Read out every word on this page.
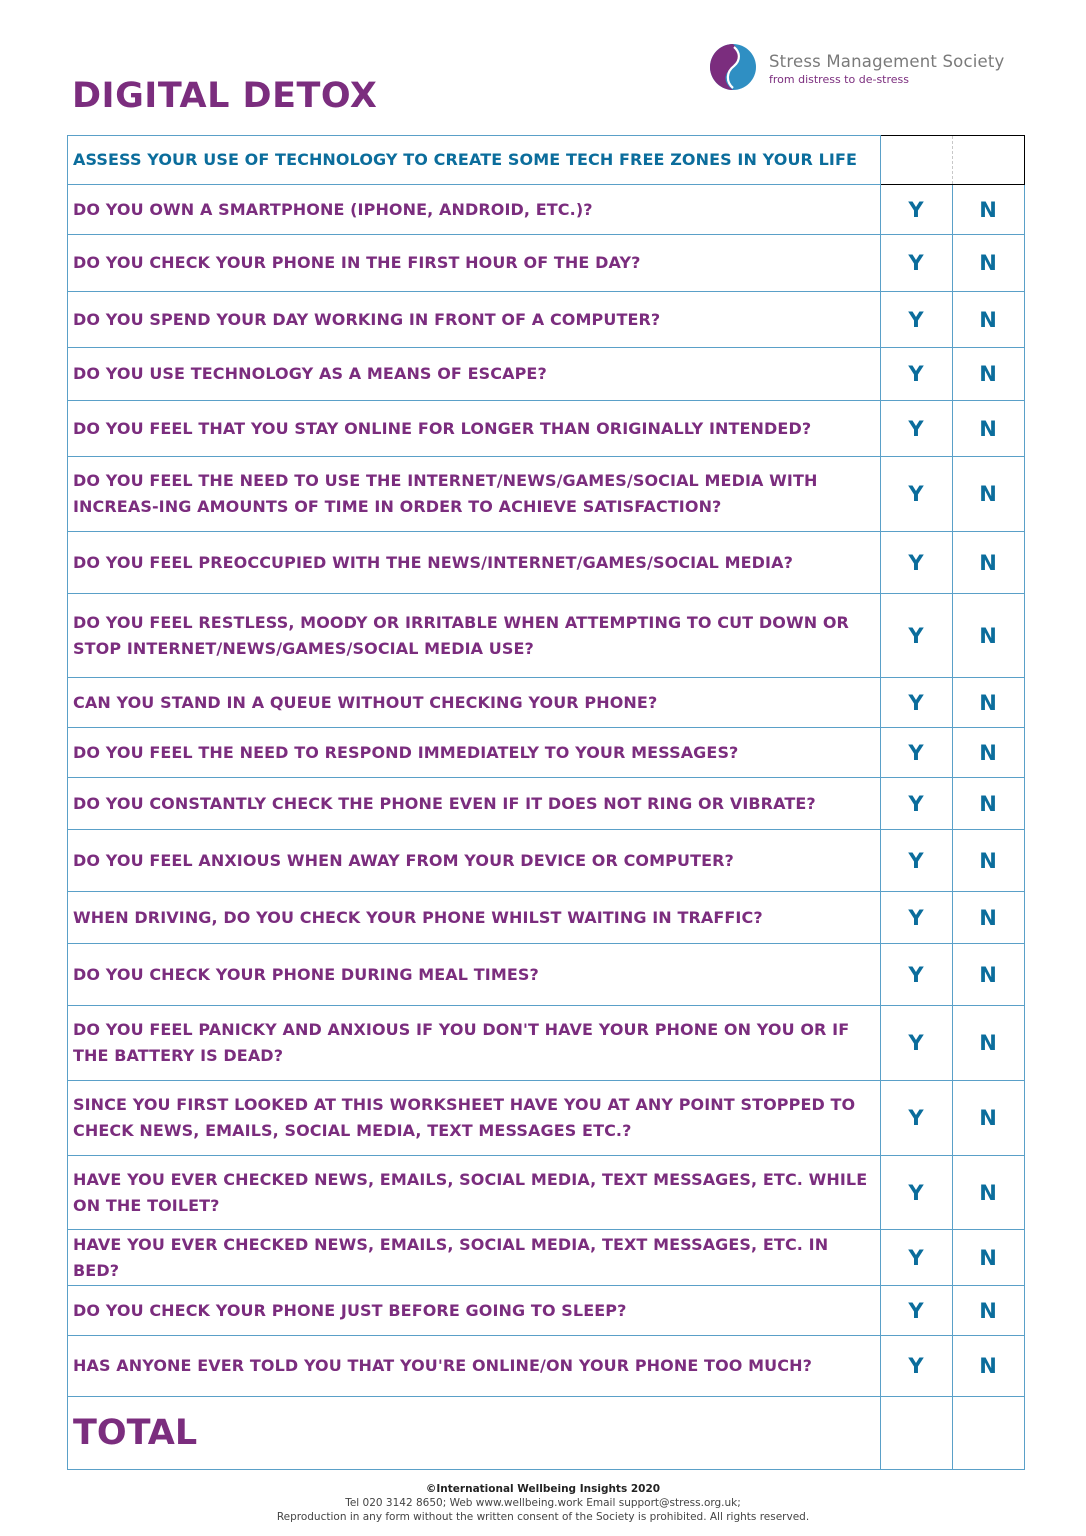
DIGITAL DETOX
Stress Management Society
from distress to de-stress
ASSESS YOUR USE OF TECHNOLOGY TO CREATE SOME TECH FREE ZONES IN YOUR LIFE		
DO YOU OWN A SMARTPHONE (IPHONE, ANDROID, ETC.)?	Y	N
DO YOU CHECK YOUR PHONE IN THE FIRST HOUR OF THE DAY?	Y	N
DO YOU SPEND YOUR DAY WORKING IN FRONT OF A COMPUTER?	Y	N
DO YOU USE TECHNOLOGY AS A MEANS OF ESCAPE?	Y	N
DO YOU FEEL THAT YOU STAY ONLINE FOR LONGER THAN ORIGINALLY INTENDED?	Y	N
DO YOU FEEL THE NEED TO USE THE INTERNET/NEWS/GAMES/SOCIAL MEDIA WITH INCREAS-ING AMOUNTS OF TIME IN ORDER TO ACHIEVE SATISFACTION?	Y	N
DO YOU FEEL PREOCCUPIED WITH THE NEWS/INTERNET/GAMES/SOCIAL MEDIA?	Y	N
DO YOU FEEL RESTLESS, MOODY OR IRRITABLE WHEN ATTEMPTING TO CUT DOWN OR STOP INTERNET/NEWS/GAMES/SOCIAL MEDIA USE?	Y	N
CAN YOU STAND IN A QUEUE WITHOUT CHECKING YOUR PHONE?	Y	N
DO YOU FEEL THE NEED TO RESPOND IMMEDIATELY TO YOUR MESSAGES?	Y	N
DO YOU CONSTANTLY CHECK THE PHONE EVEN IF IT DOES NOT RING OR VIBRATE?	Y	N
DO YOU FEEL ANXIOUS WHEN AWAY FROM YOUR DEVICE OR COMPUTER?	Y	N
WHEN DRIVING, DO YOU CHECK YOUR PHONE WHILST WAITING IN TRAFFIC?	Y	N
DO YOU CHECK YOUR PHONE DURING MEAL TIMES?	Y	N
DO YOU FEEL PANICKY AND ANXIOUS IF YOU DON'T HAVE YOUR PHONE ON YOU OR IF THE BATTERY IS DEAD?	Y	N
SINCE YOU FIRST LOOKED AT THIS WORKSHEET HAVE YOU AT ANY POINT STOPPED TO CHECK NEWS, EMAILS, SOCIAL MEDIA, TEXT MESSAGES ETC.?	Y	N
HAVE YOU EVER CHECKED NEWS, EMAILS, SOCIAL MEDIA, TEXT MESSAGES, ETC. WHILE ON THE TOILET?	Y	N
HAVE YOU EVER CHECKED NEWS, EMAILS, SOCIAL MEDIA, TEXT MESSAGES, ETC. IN BED?	Y	N
DO YOU CHECK YOUR PHONE JUST BEFORE GOING TO SLEEP?	Y	N
HAS ANYONE EVER TOLD YOU THAT YOU'RE ONLINE/ON YOUR PHONE TOO MUCH?	Y	N
TOTAL		
©International Wellbeing Insights 2020
Tel 020 3142 8650; Web www.wellbeing.work Email support@stress.org.uk;
Reproduction in any form without the written consent of the Society is prohibited. All rights reserved.
